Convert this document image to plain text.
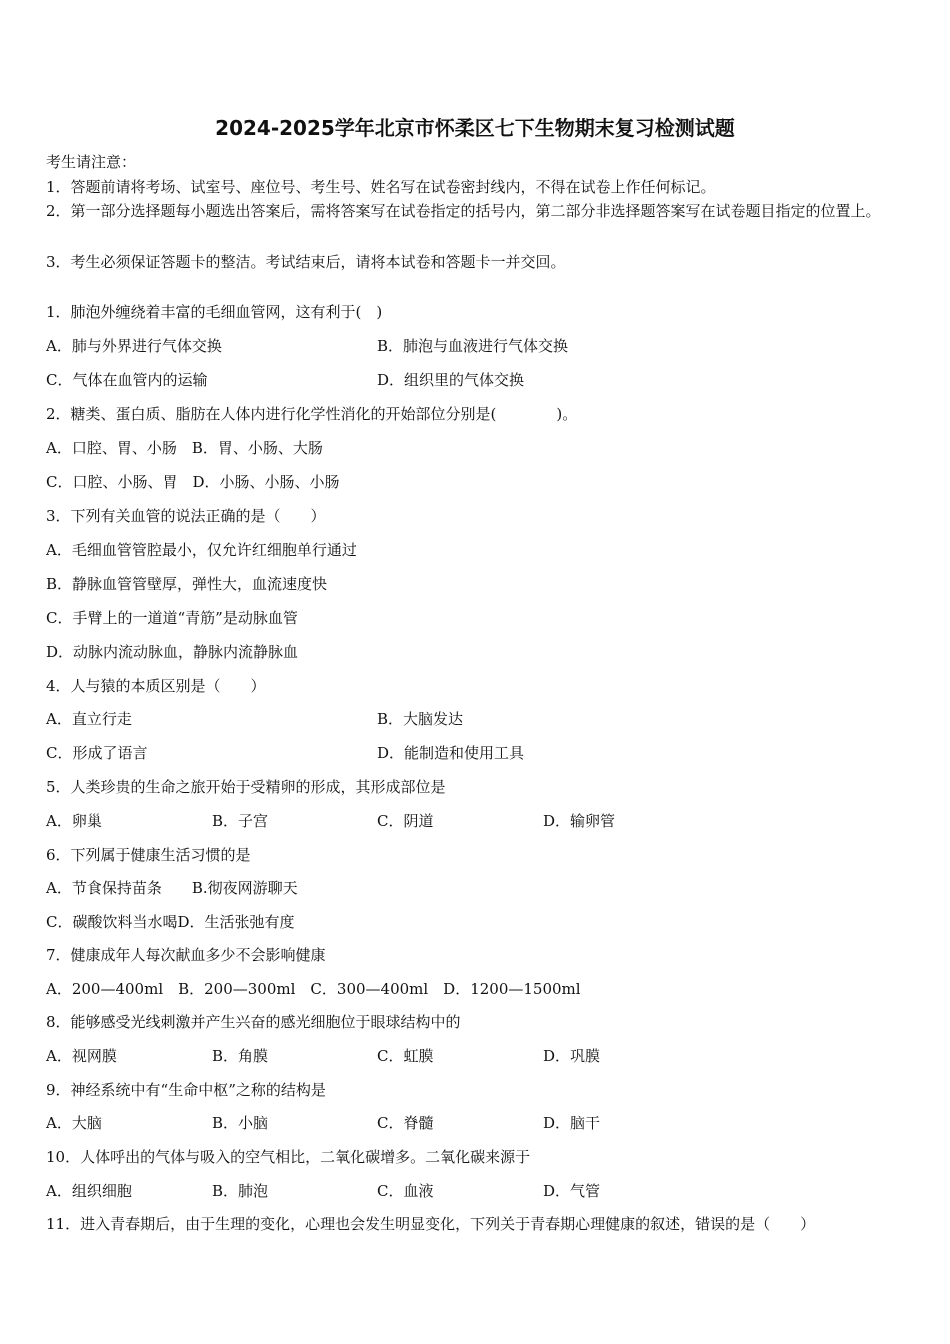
2024-2025学年北京市怀柔区七下生物期末复习检测试题
考生请注意：
1．答题前请将考场、试室号、座位号、考生号、姓名写在试卷密封线内，不得在试卷上作任何标记。
2．第一部分选择题每小题选出答案后，需将答案写在试卷指定的括号内，第二部分非选择题答案写在试卷题目指定的位置上。
3．考生必须保证答题卡的整洁。考试结束后，请将本试卷和答题卡一并交回。
1．肺泡外缠绕着丰富的毛细血管网，这有利于(　)
A．肺与外界进行气体交换	B．肺泡与血液进行气体交换
C．气体在血管内的运输	D．组织里的气体交换
2．糖类、蛋白质、脂肪在人体内进行化学性消化的开始部位分别是(　　　　)。
A．口腔、胃、小肠　B．胃、小肠、大肠
C．口腔、小肠、胃　D．小肠、小肠、小肠
3．下列有关血管的说法正确的是（　　）
A．毛细血管管腔最小，仅允许红细胞单行通过
B．静脉血管管壁厚，弹性大，血流速度快
C．手臂上的一道道“青筋”是动脉血管
D．动脉内流动脉血，静脉内流静脉血
4．人与猿的本质区别是（　　）
A．直立行走	B．大脑发达
C．形成了语言	D．能制造和使用工具
5．人类珍贵的生命之旅开始于受精卵的形成，其形成部位是
A．卵巢	B．子宫	C．阴道	D．输卵管
6．下列属于健康生活习惯的是
A．节食保持苗条　　B.彻夜网游聊天
C．碳酸饮料当水喝D．生活张弛有度
7．健康成年人每次献血多少不会影响健康
A．200—400ml　B．200—300ml　C．300—400ml　D．1200—1500ml
8．能够感受光线刺激并产生兴奋的感光细胞位于眼球结构中的
A．视网膜	B．角膜	C．虹膜	D．巩膜
9．神经系统中有“生命中枢”之称的结构是
A．大脑	B．小脑	C．脊髓	D．脑干
10．人体呼出的气体与吸入的空气相比，二氧化碳增多。二氧化碳来源于
A．组织细胞	B．肺泡	C．血液	D．气管
11．进入青春期后，由于生理的变化，心理也会发生明显变化，下列关于青春期心理健康的叙述，错误的是（　　）
